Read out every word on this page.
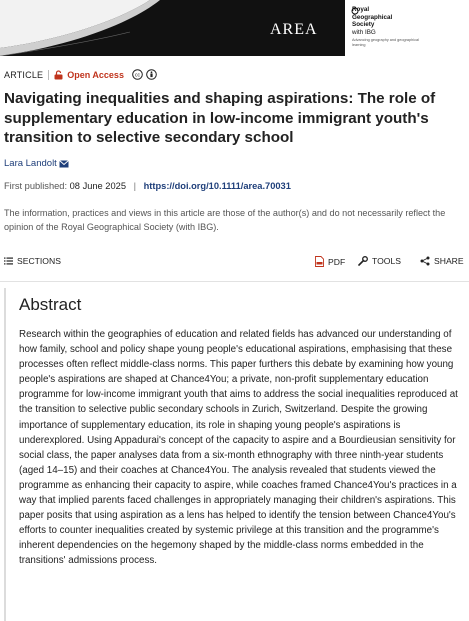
AREA
Royal
Geographical
Society
with IBG
Advancing geography and geographical learning
ARTICLE	Open Access cc
Navigating inequalities and shaping aspirations: The role of supplementary education in low-income immigrant youth's transition to selective secondary school
Lara Landolt
First published: 08 June 2025 | https://doi.org/10.1111/area.70031
The information, practices and views in this article are those of the author(s) and do not necessarily reflect the opinion of the Royal Geographical Society (with IBG).
SECTIONS	PDF	TOOLS	SHARE
Abstract

Research within the geographies of education and related fields has advanced our understanding of how family, school and policy shape young people's educational aspirations, emphasising that these processes often reflect middle-class norms. This paper furthers this debate by examining how young people's aspirations are shaped at Chance4You; a private, non-profit supplementary education programme for low-income immigrant youth that aims to address the social inequalities reproduced at the transition to selective public secondary schools in Zurich, Switzerland. Despite the growing importance of supplementary education, its role in shaping young people's aspirations is underexplored. Using Appadurai's concept of the capacity to aspire and a Bourdieusian sensitivity for social class, the paper analyses data from a six-month ethnography with three ninth-year students (aged 14–15) and their coaches at Chance4You. The analysis revealed that students viewed the programme as enhancing their capacity to aspire, while coaches framed Chance4You's practices in a way that implied parents faced challenges in appropriately managing their children's aspirations. This paper posits that using aspiration as a lens has helped to identify the tension between Chance4You's efforts to counter inequalities created by systemic privilege at this transition and the programme's inherent dependencies on the hegemony shaped by the middle-class norms embedded in the transitions' admissions process.
